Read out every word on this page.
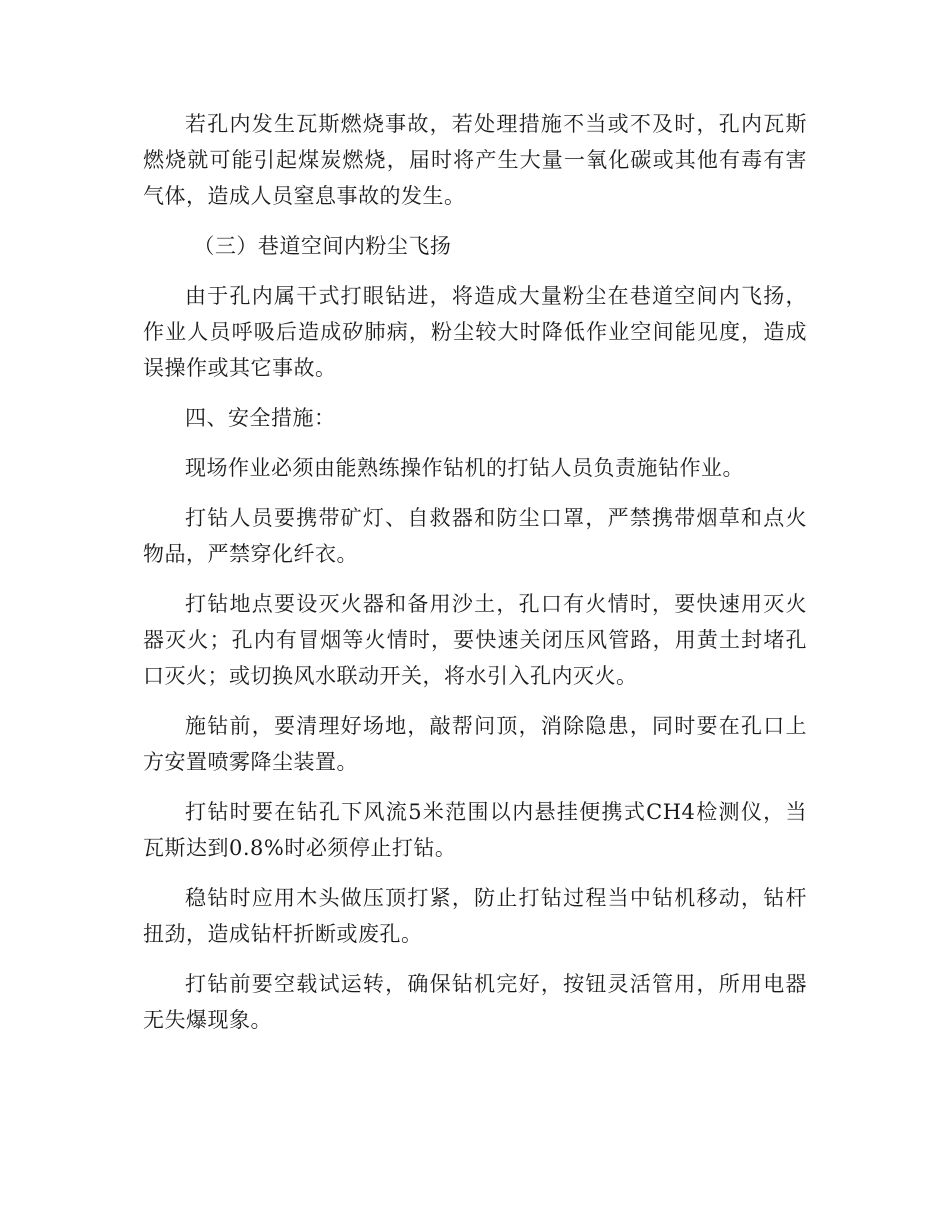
若孔内发生瓦斯燃烧事故，若处理措施不当或不及时，孔内瓦斯燃烧就可能引起煤炭燃烧，届时将产生大量一氧化碳或其他有毒有害气体，造成人员窒息事故的发生。

（三）巷道空间内粉尘飞扬

由于孔内属干式打眼钻进，将造成大量粉尘在巷道空间内飞扬，作业人员呼吸后造成矽肺病，粉尘较大时降低作业空间能见度，造成误操作或其它事故。

四、安全措施：

现场作业必须由能熟练操作钻机的打钻人员负责施钻作业。

打钻人员要携带矿灯、自救器和防尘口罩，严禁携带烟草和点火物品，严禁穿化纤衣。

打钻地点要设灭火器和备用沙土，孔口有火情时，要快速用灭火器灭火；孔内有冒烟等火情时，要快速关闭压风管路，用黄土封堵孔口灭火；或切换风水联动开关，将水引入孔内灭火。

施钻前，要清理好场地，敲帮问顶，消除隐患，同时要在孔口上方安置喷雾降尘装置。

打钻时要在钻孔下风流5米范围以内悬挂便携式CH4检测仪，当瓦斯达到0.8%时必须停止打钻。

稳钻时应用木头做压顶打紧，防止打钻过程当中钻机移动，钻杆扭劲，造成钻杆折断或废孔。

打钻前要空载试运转，确保钻机完好，按钮灵活管用，所用电器无失爆现象。
